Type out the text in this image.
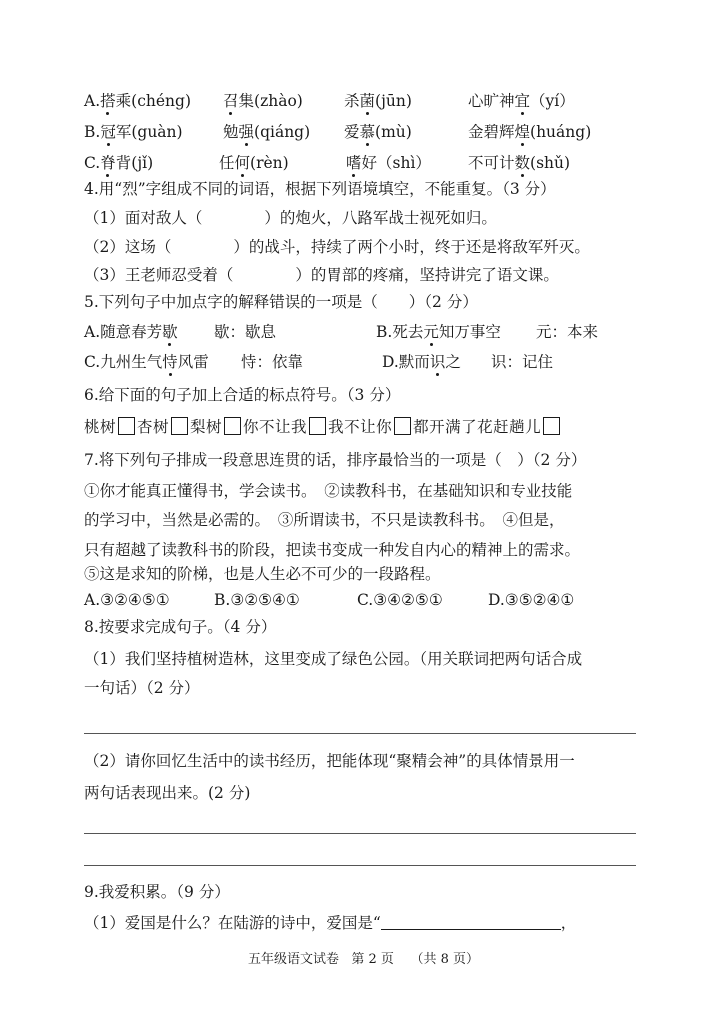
A.搭乘(chéng) 召集(zhào)	杀菌(jūn)	心旷神宜（yí）
B.冠军(guàn)	勉强(qiáng) 爱慕(mù)	金碧辉煌(huáng)
C.脊背(jǐ)	任何(rèn)	嗜好（shì） 不可计数(shǔ)
4.用“烈”字组成不同的词语，根据下列语境填空，不能重复。（3 分）
（1）面对敌人（	）的炮火，八路军战士视死如归。
（2）这场（	）的战斗，持续了两个小时，终于还是将敌军歼灭。
（3）王老师忍受着（	）的胃部的疼痛，坚持讲完了语文课。
5.下列句子中加点字的解释错误的一项是（　　）（2 分）
A.随意春芳歇 歇：歇息	B.死去元知万事空 元：本来
C.九州生气恃风雷 恃：依靠	D.默而识之 识：记住
6.给下面的句子加上合适的标点符号。（3 分）
桃树 杏树 梨树 你不让我 我不让你 都开满了花赶趟儿
7.将下列句子排成一段意思连贯的话，排序最恰当的一项是（　）（2 分）
①你才能真正懂得书，学会读书。　②读教科书，在基础知识和专业技能
的学习中，当然是必需的。　③所谓读书，不只是读教科书。　④但是，
只有超越了读教科书的阶段，把读书变成一种发自内心的精神上的需求。
⑤这是求知的阶梯，也是人生必不可少的一段路程。
A.③②④⑤①	B.③②⑤④①	C.③④②⑤①	D.③⑤②④①
8.按要求完成句子。（4 分）
（1）我们坚持植树造林，这里变成了绿色公园。（用关联词把两句话合成
一句话）（2 分）
（2）请你回忆生活中的读书经历，把能体现“聚精会神”的具体情景用一
两句话表现出来。(2 分)
9.我爱积累。（9 分）
（1）爱国是什么？在陆游的诗中，爱国是“	，
五年级语文试卷 第 2 页 （共 8 页）
